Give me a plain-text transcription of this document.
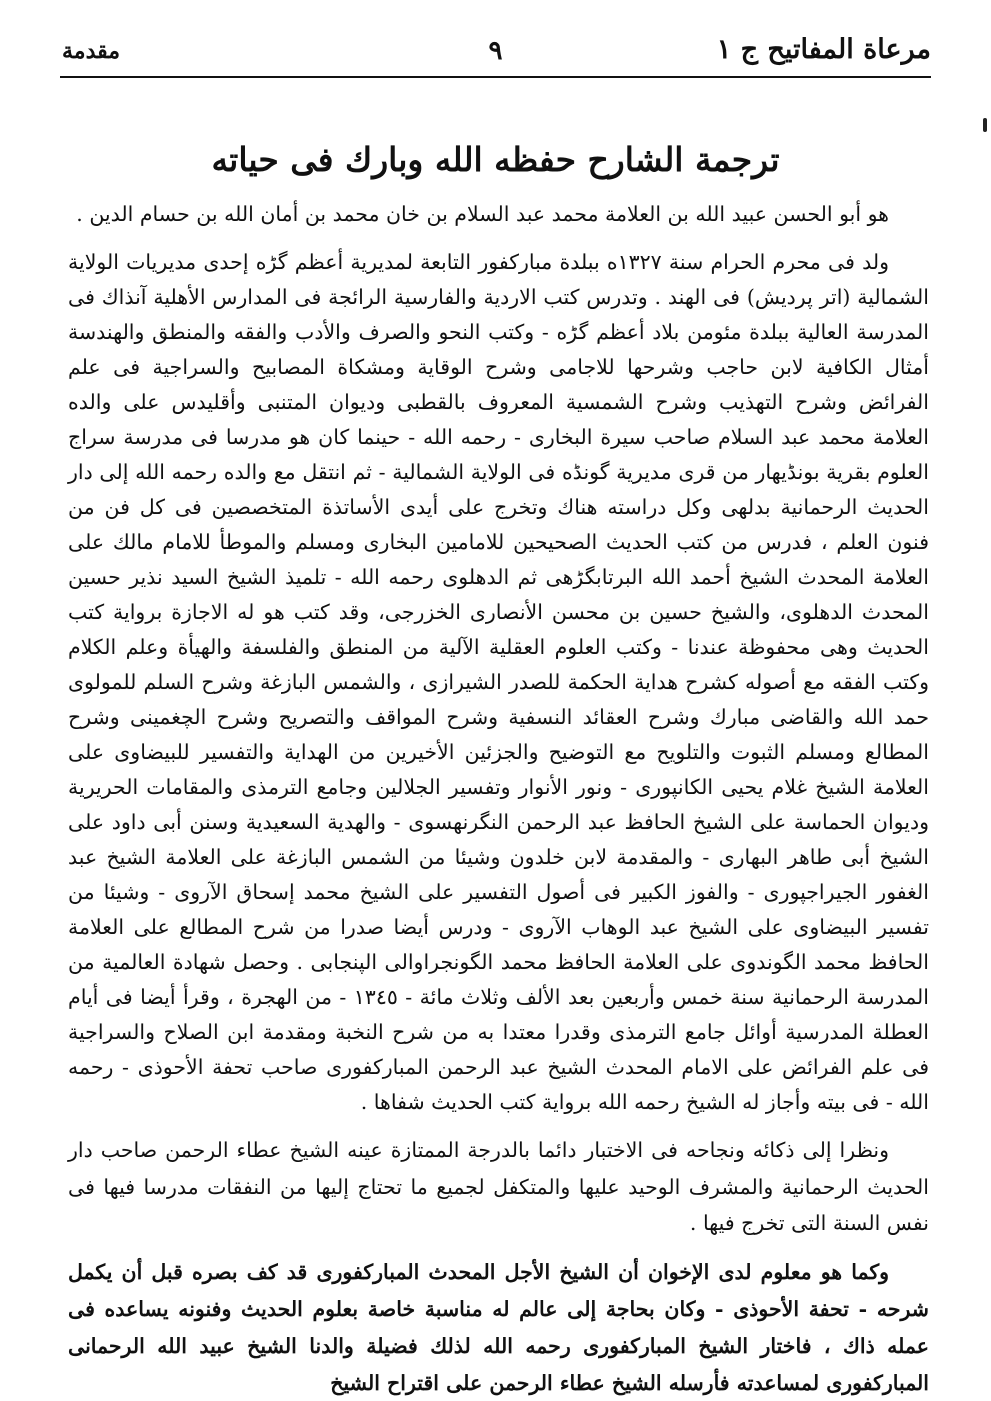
مرعاة المفاتيح ج ١
٩
مقدمة
ترجمة الشارح حفظه الله وبارك فى حياته

هو أبو الحسن عبيد الله بن العلامة محمد عبد السلام بن خان محمد بن أمان الله بن حسام الدين .

ولد فى محرم الحرام سنة ١٣٢٧ه ببلدة مباركفور التابعة لمديرية أعظم گڑه إحدى مديريات الولاية الشمالية (اتر پرديش) فى الهند . وتدرس كتب الاردية والفارسية الرائجة فى المدارس الأهلية آنذاك فى المدرسة العالية ببلدة مئومن بلاد أعظم گڑه - وكتب النحو والصرف والأدب والفقه والمنطق والهندسة أمثال الكافية لابن حاجب وشرحها للاجامى وشرح الوقاية ومشكاة المصابيح والسراجية فى علم الفرائض وشرح التهذيب وشرح الشمسية المعروف بالقطبى وديوان المتنبى وأقليدس على والده العلامة محمد عبد السلام صاحب سيرة البخارى - رحمه الله - حينما كان هو مدرسا فى مدرسة سراج العلوم بقرية بونڈيهار من قرى مديرية گونڈه فى الولاية الشمالية - ثم انتقل مع والده رحمه الله إلى دار الحديث الرحمانية بدلهى وكل دراسته هناك وتخرج على أيدى الأساتذة المتخصصين فى كل فن من فنون العلم ، فدرس من كتب الحديث الصحيحين للامامين البخارى ومسلم والموطأ للامام مالك على العلامة المحدث الشيخ أحمد الله البرتابگڑهى ثم الدهلوى رحمه الله - تلميذ الشيخ السيد نذير حسين المحدث الدهلوى، والشيخ حسين بن محسن الأنصارى الخزرجى، وقد كتب هو له الاجازة برواية كتب الحديث وهى محفوظة عندنا - وكتب العلوم العقلية الآلية من المنطق والفلسفة والهيأة وعلم الكلام وكتب الفقه مع أصوله كشرح هداية الحكمة للصدر الشيرازى ، والشمس البازغة وشرح السلم للمولوى حمد الله والقاضى مبارك وشرح العقائد النسفية وشرح المواقف والتصريح وشرح الچغمينى وشرح المطالع ومسلم الثبوت والتلويح مع التوضيح والجزئين الأخيرين من الهداية والتفسير للبيضاوى على العلامة الشيخ غلام يحيى الكانپورى - ونور الأنوار وتفسير الجلالين وجامع الترمذى والمقامات الحريرية وديوان الحماسة على الشيخ الحافظ عبد الرحمن النگرنهسوى - والهدية السعيدية وسنن أبى داود على الشيخ أبى طاهر البهارى - والمقدمة لابن خلدون وشيئا من الشمس البازغة على العلامة الشيخ عبد الغفور الجيراجپورى - والفوز الكبير فى أصول التفسير على الشيخ محمد إسحاق الآروى - وشيئا من تفسير البيضاوى على الشيخ عبد الوهاب الآروى - ودرس أيضا صدرا من شرح المطالع على العلامة الحافظ محمد الگوندوى على العلامة الحافظ محمد الگونجراوالى الپنجابى . وحصل شهادة العالمية من المدرسة الرحمانية سنة خمس وأربعين بعد الألف وثلاث مائة - ١٣٤٥ - من الهجرة ، وقرأ أيضا فى أيام العطلة المدرسية أوائل جامع الترمذى وقدرا معتدا به من شرح النخبة ومقدمة ابن الصلاح والسراجية فى علم الفرائض على الامام المحدث الشيخ عبد الرحمن المباركفورى صاحب تحفة الأحوذى - رحمه الله - فى بيته وأجاز له الشيخ رحمه الله برواية كتب الحديث شفاها .

ونظرا إلى ذكائه ونجاحه فى الاختبار دائما بالدرجة الممتازة عينه الشيخ عطاء الرحمن صاحب دار الحديث الرحمانية والمشرف الوحيد عليها والمتكفل لجميع ما تحتاج إليها من النفقات مدرسا فيها فى نفس السنة التى تخرج فيها .

وكما هو معلوم لدى الإخوان أن الشيخ الأجل المحدث المباركفورى قد كف بصره قبل أن يكمل شرحه - تحفة الأحوذى - وكان بحاجة إلى عالم له مناسبة خاصة بعلوم الحديث وفنونه يساعده فى عمله ذاك ، فاختار الشيخ المباركفورى رحمه الله لذلك فضيلة والدنا الشيخ عبيد الله الرحمانى المباركفورى لمساعدته فأرسله الشيخ عطاء الرحمن على اقتراح الشيخ
